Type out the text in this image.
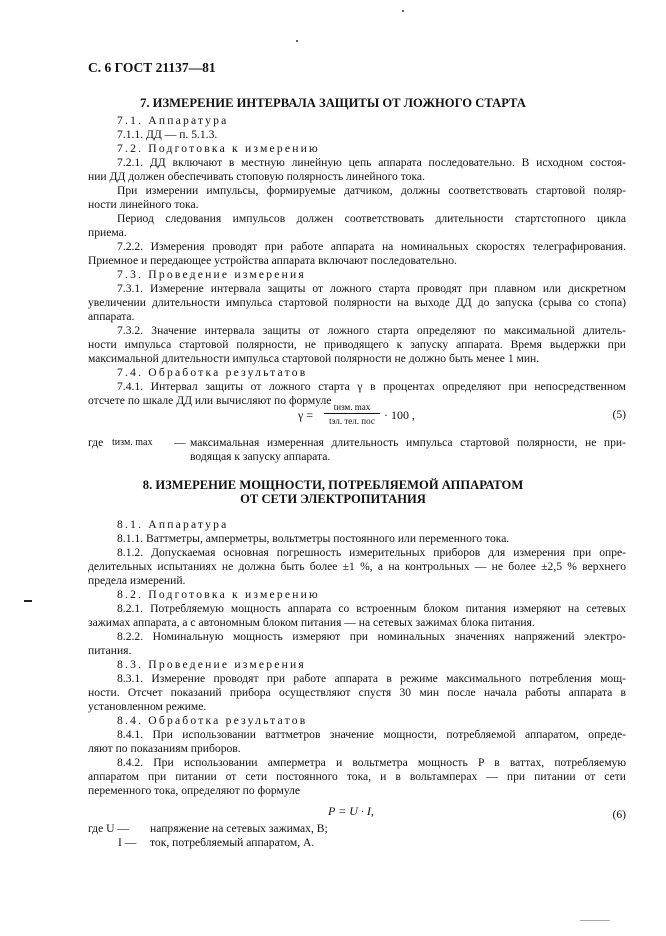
С. 6 ГОСТ 21137—81
7. ИЗМЕРЕНИЕ ИНТЕРВАЛА ЗАЩИТЫ ОТ ЛОЖНОГО СТАРТА
7.1. Аппаратура
7.1.1. ДД — п. 5.1.3.
7.2. Подготовка к измерению
7.2.1. ДД включают в местную линейную цепь аппарата последовательно. В исходном состоя-
нии ДД должен обеспечивать стоповую полярность линейного тока.
При измерении импульсы, формируемые датчиком, должны соответствовать стартовой поляр-
ности линейного тока.
Период следования импульсов должен соответствовать длительности стартстопного цикла
приема.
7.2.2. Измерения проводят при работе аппарата на номинальных скоростях телеграфирования.
Приемное и передающее устройства аппарата включают последовательно.
7.3. Проведение измерения
7.3.1. Измерение интервала защиты от ложного старта проводят при плавном или дискретном
увеличении длительности импульса стартовой полярности на выходе ДД до запуска (срыва со стопа)
аппарата.
7.3.2. Значение интервала защиты от ложного старта определяют по максимальной длитель-
ности импульса стартовой полярности, не приводящего к запуску аппарата. Время выдержки при
максимальной длительности импульса стартовой полярности не должно быть менее 1 мин.
7.4. Обработка результатов
7.4.1. Интервал защиты от ложного старта γ в процентах определяют при непосредственном
отсчете по шкале ДД или вычисляют по формуле
γ =
tизм. max
tэл. тел. пос · 100 ,	(5)
где tизм. max	— максимальная измеренная длительность импульса стартовой полярности, не при-
водящая к запуску аппарата.
8. ИЗМЕРЕНИЕ МОЩНОСТИ, ПОТРЕБЛЯЕМОЙ АППАРАТОМ
ОТ СЕТИ ЭЛЕКТРОПИТАНИЯ
8.1. Аппаратура
8.1.1. Ваттметры, амперметры, вольтметры постоянного или переменного тока.
8.1.2. Допускаемая основная погрешность измерительных приборов для измерения при опре-
делительных испытаниях не должна быть более ±1 %, а на контрольных — не более ±2,5 % верхнего
предела измерений.
8.2. Подготовка к измерению
8.2.1. Потребляемую мощность аппарата со встроенным блоком питания измеряют на сетевых
зажимах аппарата, а с автономным блоком питания — на сетевых зажимах блока питания.
8.2.2. Номинальную мощность измеряют при номинальных значениях напряжений электро-
питания.
8.3. Проведение измерения
8.3.1. Измерение проводят при работе аппарата в режиме максимального потребления мощ-
ности. Отсчет показаний прибора осуществляют спустя 30 мин после начала работы аппарата в
установленном режиме.
8.4. Обработка результатов
8.4.1. При использовании ваттметров значение мощности, потребляемой аппаратом, опреде-
ляют по показаниям приборов.
8.4.2. При использовании амперметра и вольтметра мощность P в ваттах, потребляемую
аппаратом при питании от сети постоянного тока, и в вольтамперах — при питании от сети
переменного тока, определяют по формуле
P = U · I,	(6)
где U —	напряжение на сетевых зажимах, В;
I —	ток, потребляемый аппаратом, А.
